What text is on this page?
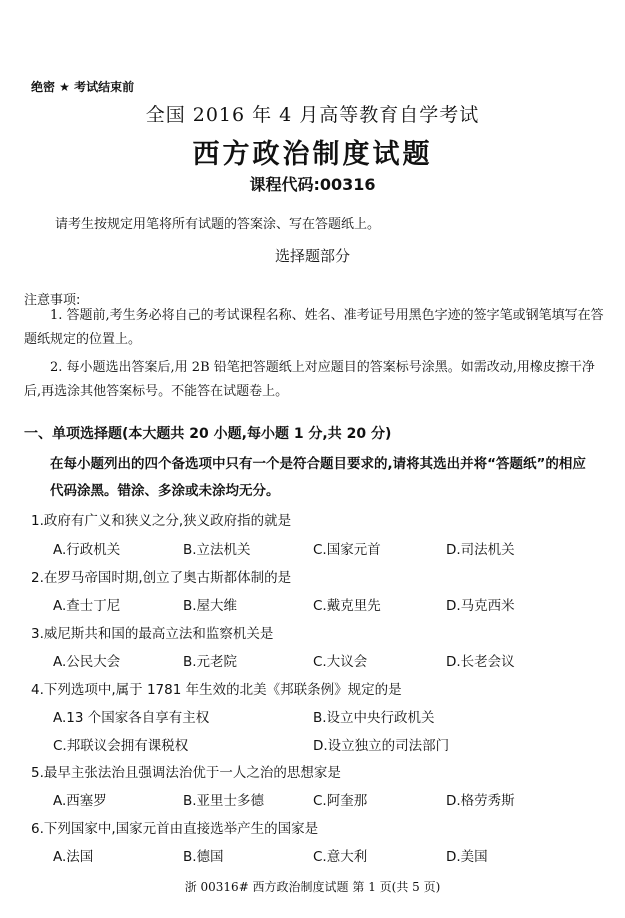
绝密 ★ 考试结束前
全国 2016 年 4 月高等教育自学考试
西方政治制度试题
课程代码:00316
请考生按规定用笔将所有试题的答案涂、写在答题纸上。
选择题部分
注意事项:
1. 答题前,考生务必将自己的考试课程名称、姓名、准考证号用黑色字迹的签字笔或钢笔填写在答题纸规定的位置上。
2. 每小题选出答案后,用 2B 铅笔把答题纸上对应题目的答案标号涂黑。如需改动,用橡皮擦干净后,再选涂其他答案标号。不能答在试题卷上。
一、单项选择题(本大题共 20 小题,每小题 1 分,共 20 分)
在每小题列出的四个备选项中只有一个是符合题目要求的,请将其选出并将“答题纸”的相应代码涂黑。错涂、多涂或未涂均无分。
1.政府有广义和狭义之分,狭义政府指的就是
A.行政机关	B.立法机关	C.国家元首	D.司法机关
2.在罗马帝国时期,创立了奥古斯都体制的是
A.查士丁尼	B.屋大维	C.戴克里先	D.马克西米
3.威尼斯共和国的最高立法和监察机关是
A.公民大会	B.元老院	C.大议会	D.长老会议
4.下列选项中,属于 1781 年生效的北美《邦联条例》规定的是
A.13 个国家各自享有主权	B.设立中央行政机关
C.邦联议会拥有课税权	D.设立独立的司法部门
5.最早主张法治且强调法治优于一人之治的思想家是
A.西塞罗	B.亚里士多德	C.阿奎那	D.格劳秀斯
6.下列国家中,国家元首由直接选举产生的国家是
A.法国	B.德国	C.意大利	D.美国
浙 00316# 西方政治制度试题 第 1 页(共 5 页)
